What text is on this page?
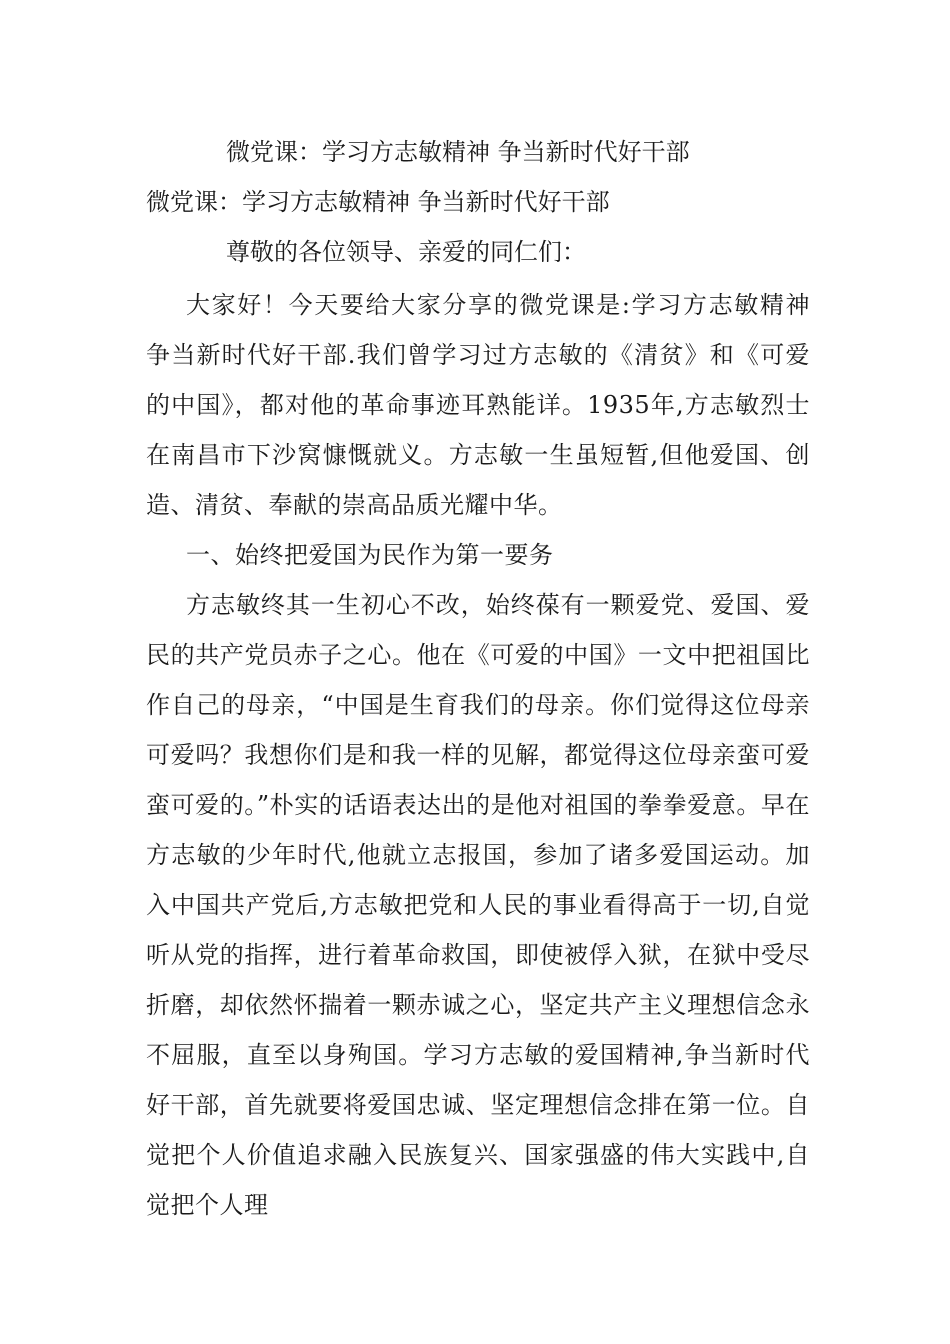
微党课：学习方志敏精神 争当新时代好干部
微党课：学习方志敏精神 争当新时代好干部
尊敬的各位领导、亲爱的同仁们：

大家好！今天要给大家分享的微党课是:学习方志敏精神 争当新时代好干部.我们曾学习过方志敏的《清贫》和《可爱的中国》，都对他的革命事迹耳熟能详。1935年,方志敏烈士在南昌市下沙窝慷慨就义。方志敏一生虽短暂,但他爱国、创造、清贫、奉献的崇高品质光耀中华。

一、始终把爱国为民作为第一要务

方志敏终其一生初心不改，始终葆有一颗爱党、爱国、爱民的共产党员赤子之心。他在《可爱的中国》一文中把祖国比作自己的母亲，“中国是生育我们的母亲。你们觉得这位母亲可爱吗？我想你们是和我一样的见解，都觉得这位母亲蛮可爱蛮可爱的。”朴实的话语表达出的是他对祖国的拳拳爱意。早在方志敏的少年时代,他就立志报国，参加了诸多爱国运动。加入中国共产党后,方志敏把党和人民的事业看得高于一切,自觉听从党的指挥，进行着革命救国，即使被俘入狱，在狱中受尽折磨，却依然怀揣着一颗赤诚之心，坚定共产主义理想信念永不屈服，直至以身殉国。学习方志敏的爱国精神,争当新时代好干部，首先就要将爱国忠诚、坚定理想信念排在第一位。自觉把个人价值追求融入民族复兴、国家强盛的伟大实践中,自觉把个人理
